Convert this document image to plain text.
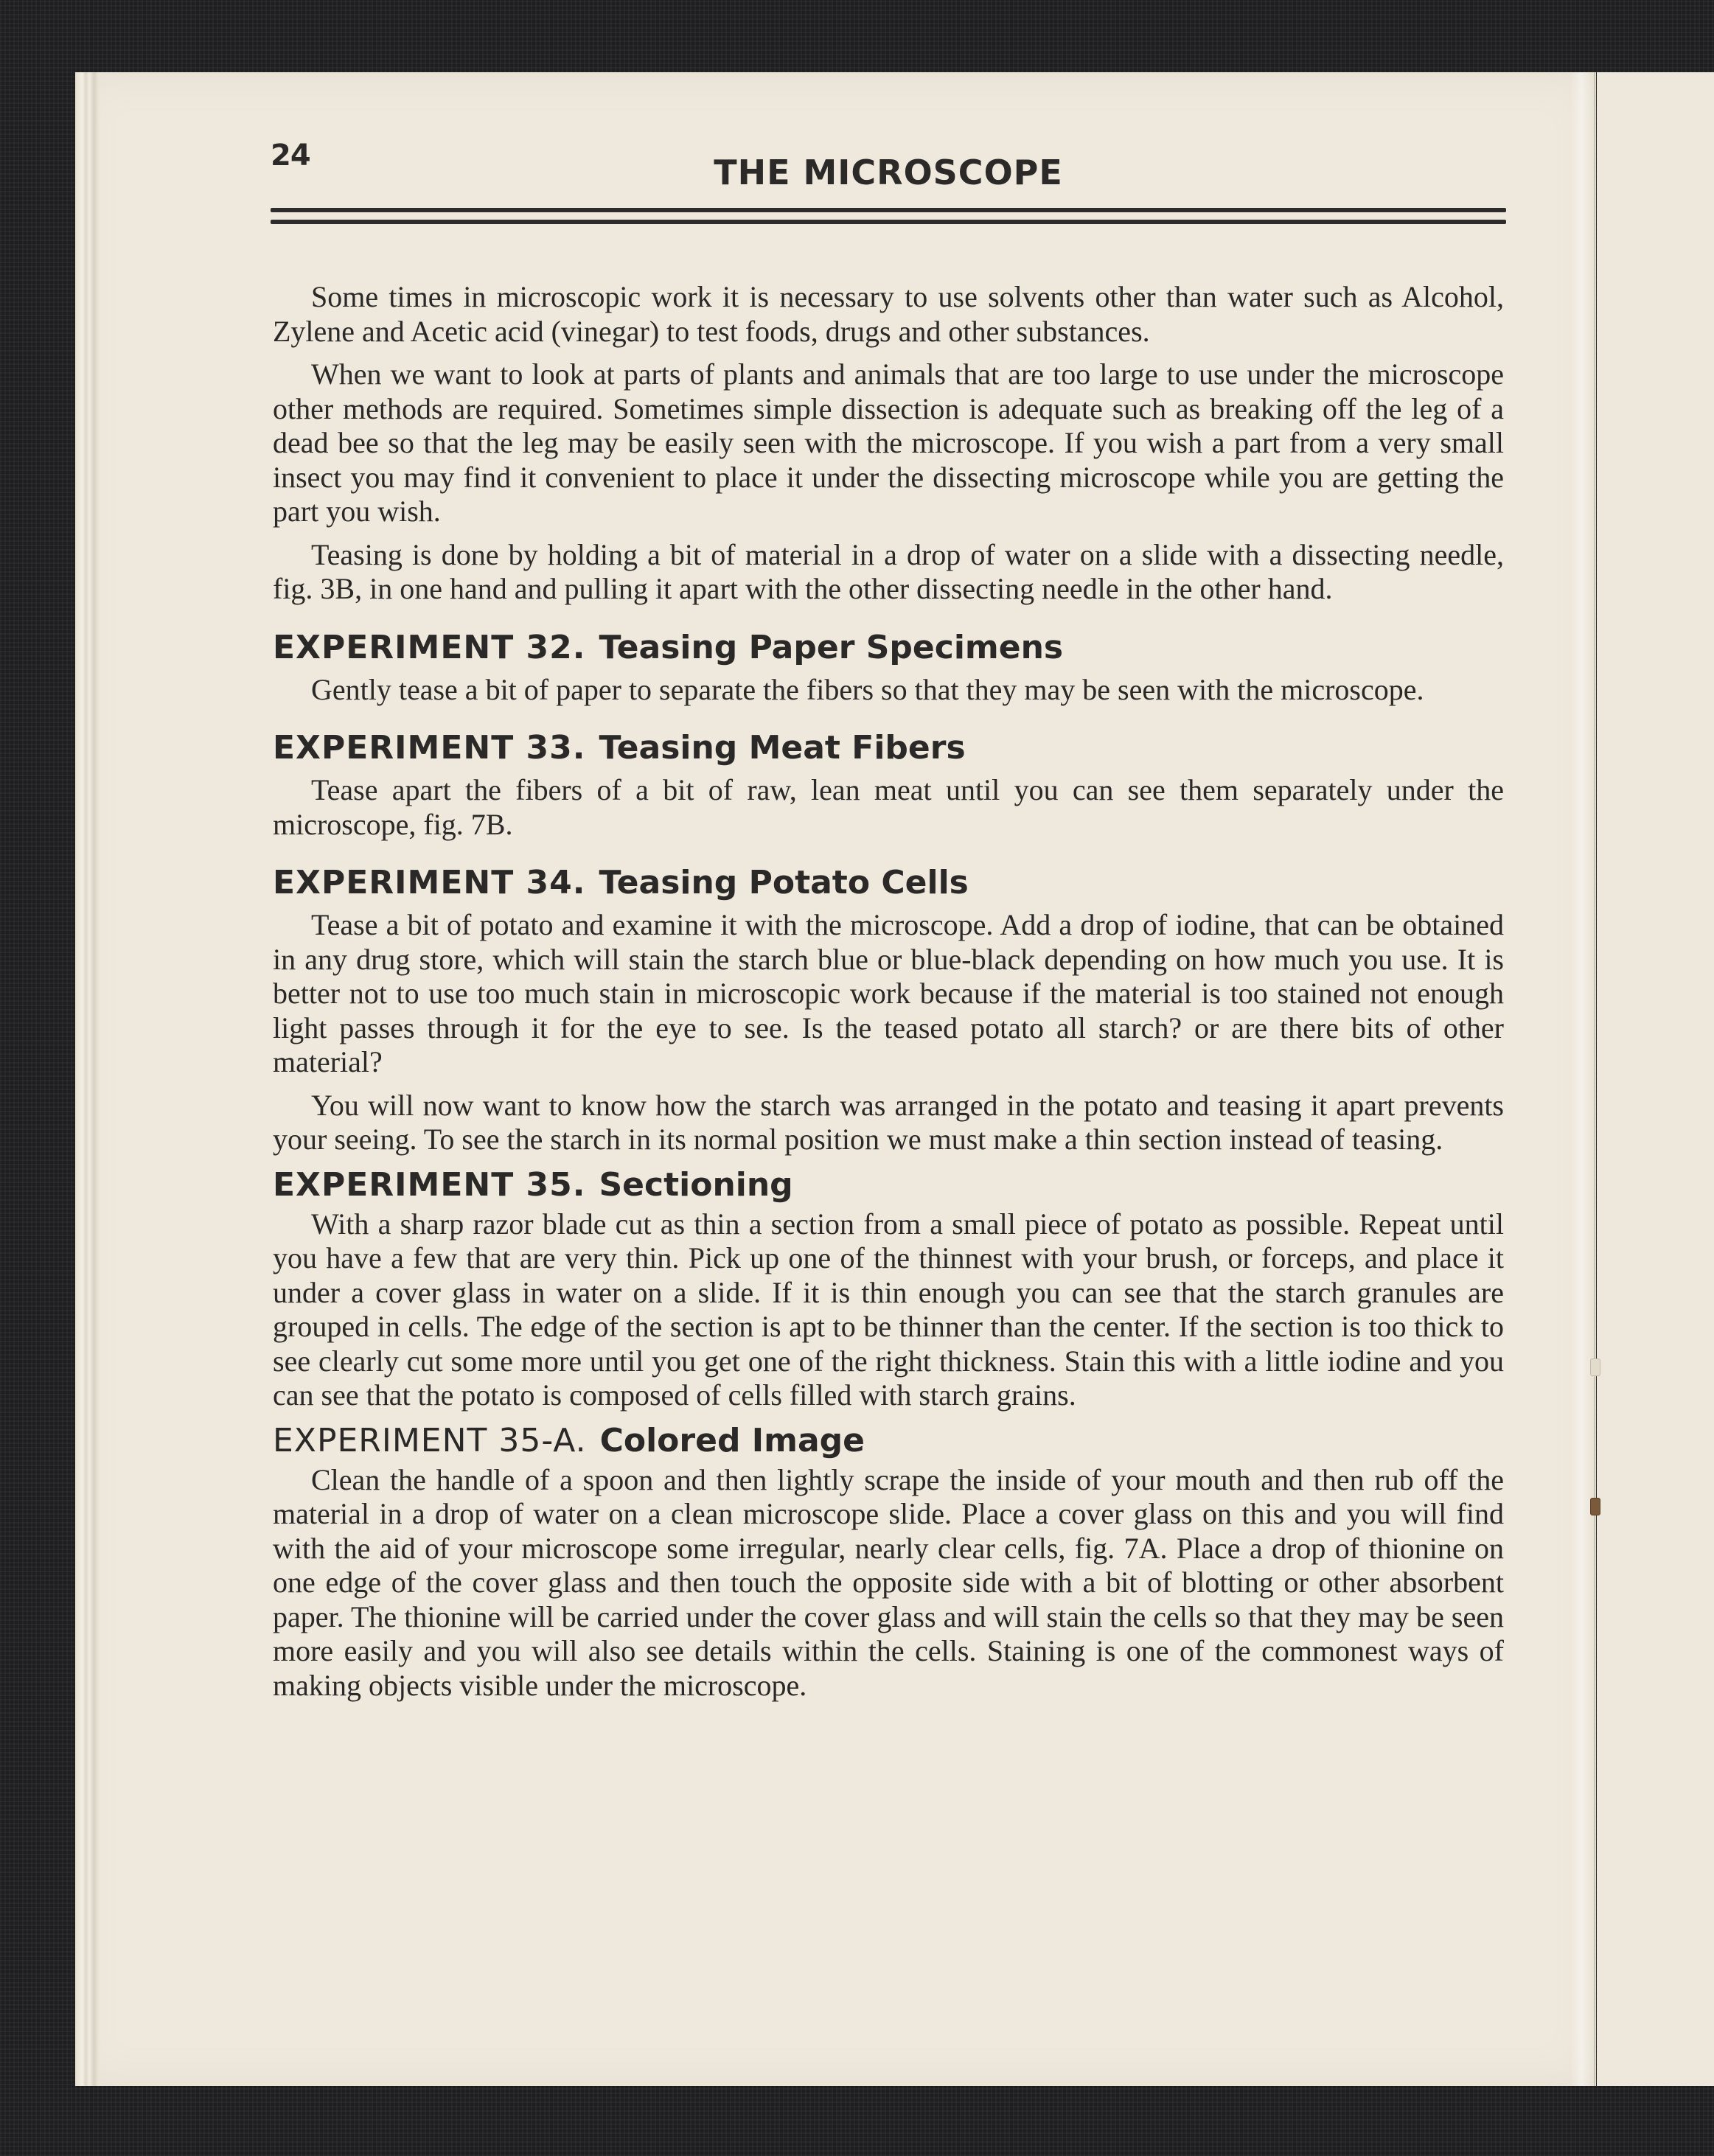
24	THE MICROSCOPE

Some times in microscopic work it is necessary to use solvents other than water such as Alcohol, Zylene and Acetic acid (vinegar) to test foods, drugs and other substances.

When we want to look at parts of plants and animals that are too large to use under the microscope other methods are required. Sometimes simple dissection is adequate such as breaking off the leg of a dead bee so that the leg may be easily seen with the microscope. If you wish a part from a very small insect you may find it convenient to place it under the dissecting microscope while you are getting the part you wish.

Teasing is done by holding a bit of material in a drop of water on a slide with a dissecting needle, fig. 3B, in one hand and pulling it apart with the other dissecting needle in the other hand.

EXPERIMENT 32. Teasing Paper Specimens

Gently tease a bit of paper to separate the fibers so that they may be seen with the microscope.

EXPERIMENT 33. Teasing Meat Fibers

Tease apart the fibers of a bit of raw, lean meat until you can see them separately under the microscope, fig. 7B.

EXPERIMENT 34. Teasing Potato Cells

Tease a bit of potato and examine it with the microscope. Add a drop of iodine, that can be obtained in any drug store, which will stain the starch blue or blue-black depending on how much you use. It is better not to use too much stain in microscopic work because if the material is too stained not enough light passes through it for the eye to see. Is the teased potato all starch? or are there bits of other material?

You will now want to know how the starch was arranged in the potato and teasing it apart prevents your seeing. To see the starch in its normal position we must make a thin section instead of teasing.

EXPERIMENT 35. Sectioning

With a sharp razor blade cut as thin a section from a small piece of potato as possible. Repeat until you have a few that are very thin. Pick up one of the thinnest with your brush, or forceps, and place it under a cover glass in water on a slide. If it is thin enough you can see that the starch granules are grouped in cells. The edge of the section is apt to be thinner than the center. If the section is too thick to see clearly cut some more until you get one of the right thickness. Stain this with a little iodine and you can see that the potato is composed of cells filled with starch grains.

EXPERIMENT 35-A. Colored Image

Clean the handle of a spoon and then lightly scrape the inside of your mouth and then rub off the material in a drop of water on a clean microscope slide. Place a cover glass on this and you will find with the aid of your microscope some irregular, nearly clear cells, fig. 7A. Place a drop of thionine on one edge of the cover glass and then touch the opposite side with a bit of blotting or other absorbent paper. The thionine will be carried under the cover glass and will stain the cells so that they may be seen more easily and you will also see details within the cells. Staining is one of the commonest ways of making objects visible under the microscope.
